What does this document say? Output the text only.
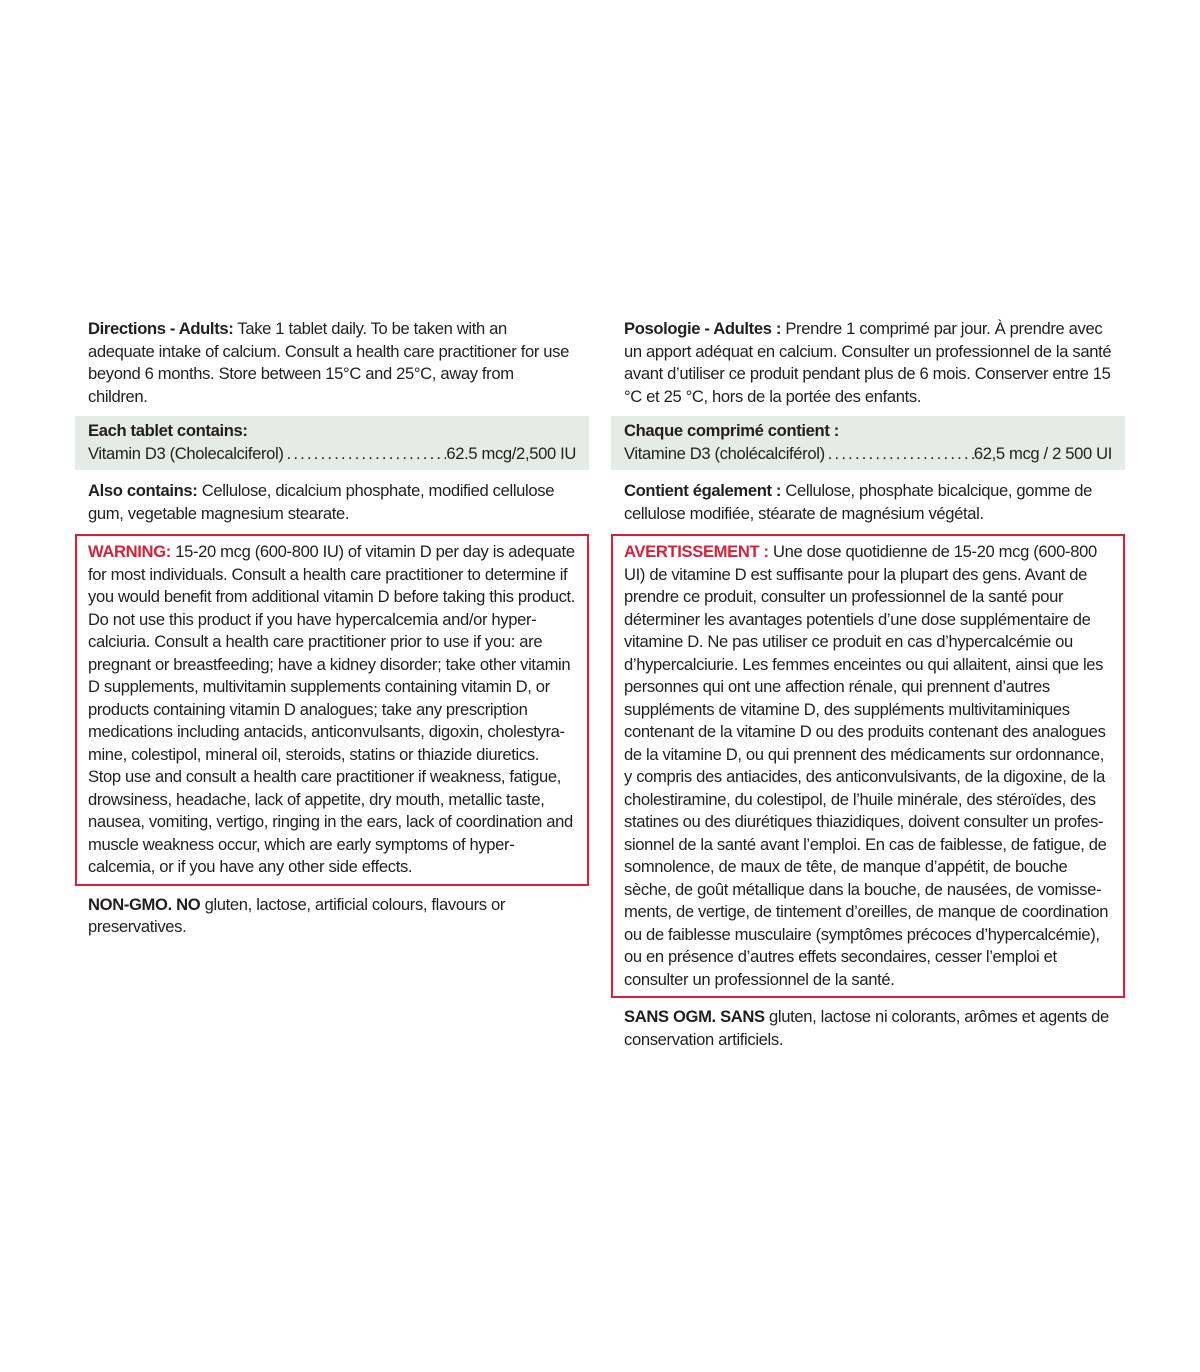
Directions - Adults: Take 1 tablet daily. To be taken with an adequate intake of calcium. Consult a health care practitioner for use beyond 6 months. Store between 15°C and 25°C, away from children.

Each tablet contains:
Vitamin D3 (Cholecalciferol) .....	62.5 mcg/2,500 IU

Also contains: Cellulose, dicalcium phosphate, modified cellulose gum, vegetable magnesium stearate.

WARNING: 15-20 mcg (600-800 IU) of vitamin D per day is adequate for most individuals. Consult a health care practitioner to determine if you would benefit from additional vitamin D before taking this product. Do not use this product if you have hypercalcemia and/or hypercalciuria. Consult a health care practitioner prior to use if you: are pregnant or breastfeeding; have a kidney disorder; take other vitamin D supplements, multivitamin supplements containing vitamin D, or products containing vitamin D analogues; take any prescription medications including antacids, anticonvulsants, digoxin, cholestyramine, colestipol, mineral oil, steroids, statins or thiazide diuretics. Stop use and consult a health care practitioner if weakness, fatigue, drowsiness, headache, lack of appetite, dry mouth, metallic taste, nausea, vomiting, vertigo, ringing in the ears, lack of coordination and muscle weakness occur, which are early symptoms of hypercalcemia, or if you have any other side effects.

NON-GMO. NO gluten, lactose, artificial colours, flavours or preservatives.

Posologie - Adultes : Prendre 1 comprimé par jour. À prendre avec un apport adéquat en calcium. Consulter un professionnel de la santé avant d’utiliser ce produit pendant plus de 6 mois. Conserver entre 15 °C et 25 °C, hors de la portée des enfants.

Chaque comprimé contient :
Vitamine D3 (cholécalciférol) .....	62,5 mcg / 2 500 UI

Contient également : Cellulose, phosphate bicalcique, gomme de cellulose modifiée, stéarate de magnésium végétal.

AVERTISSEMENT : Une dose quotidienne de 15-20 mcg (600-800 UI) de vitamine D est suffisante pour la plupart des gens. Avant de prendre ce produit, consulter un professionnel de la santé pour déterminer les avantages potentiels d’une dose supplémentaire de vitamine D. Ne pas utiliser ce produit en cas d’hypercalcémie ou d’hypercalciurie. Les femmes enceintes ou qui allaitent, ainsi que les personnes qui ont une affection rénale, qui prennent d’autres suppléments de vitamine D, des suppléments multivitaminiques contenant de la vitamine D ou des produits contenant des analogues de la vitamine D, ou qui prennent des médicaments sur ordonnance, y compris des antiacides, des anticonvulsivants, de la digoxine, de la cholestiramine, du colestipol, de l’huile minérale, des stéroïdes, des statines ou des diurétiques thiazidiques, doivent consulter un professionnel de la santé avant l’emploi. En cas de faiblesse, de fatigue, de somnolence, de maux de tête, de manque d’appétit, de bouche sèche, de goût métallique dans la bouche, de nausées, de vomissements, de vertige, de tintement d’oreilles, de manque de coordination ou de faiblesse musculaire (symptômes précoces d’hypercalcémie), ou en présence d’autres effets secondaires, cesser l’emploi et consulter un professionnel de la santé.

SANS OGM. SANS gluten, lactose ni colorants, arômes et agents de conservation artificiels.
